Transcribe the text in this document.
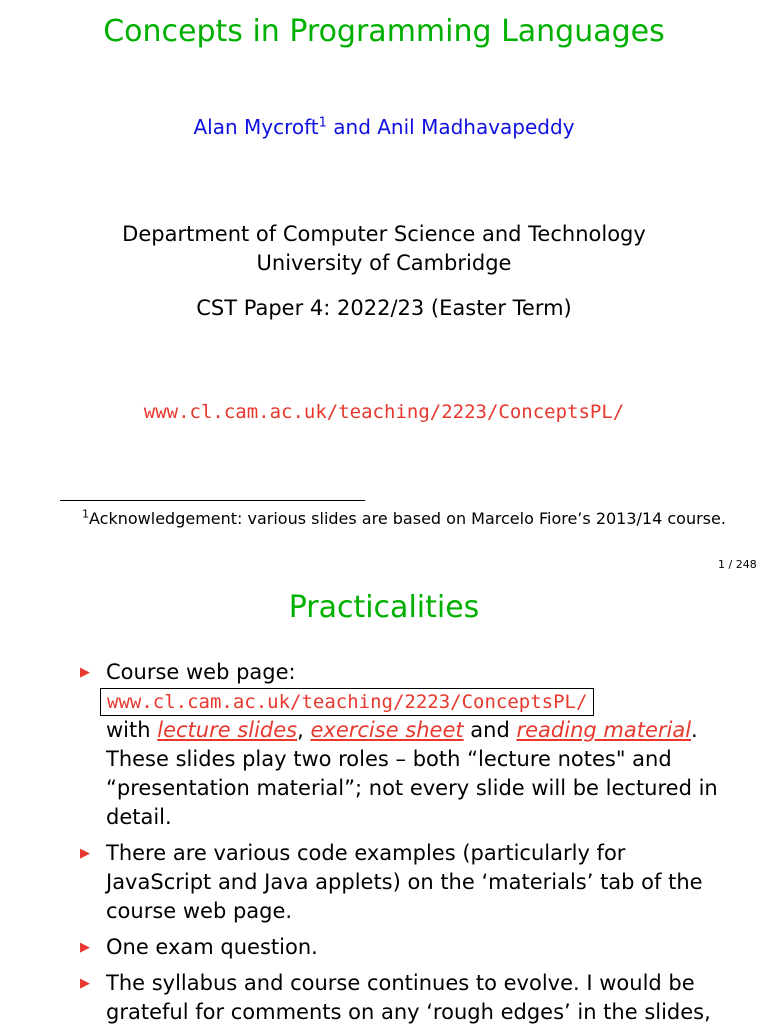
Concepts in Programming Languages
Alan Mycroft$^1$ and Anil Madhavapeddy
Department of Computer Science and Technology
University of Cambridge
CST Paper 4: 2022/23 (Easter Term)
www.cl.cam.ac.uk/teaching/2223/ConceptsPL/
$^1$Acknowledgement: various slides are based on Marcelo Fiore’s 2013/14 course.
1 / 248
Practicalities
▶ Course web page:
www.cl.cam.ac.uk/teaching/2223/ConceptsPL/
with lecture slides, exercise sheet and reading material.
These slides play two roles – both “lecture notes" and “presentation material”; not every slide will be lectured in detail.
▶ There are various code examples (particularly for JavaScript and Java applets) on the ‘materials’ tab of the course web page.
▶ One exam question.
▶ The syllabus and course continues to evolve. I would be grateful for comments on any ‘rough edges’ in the slides,
